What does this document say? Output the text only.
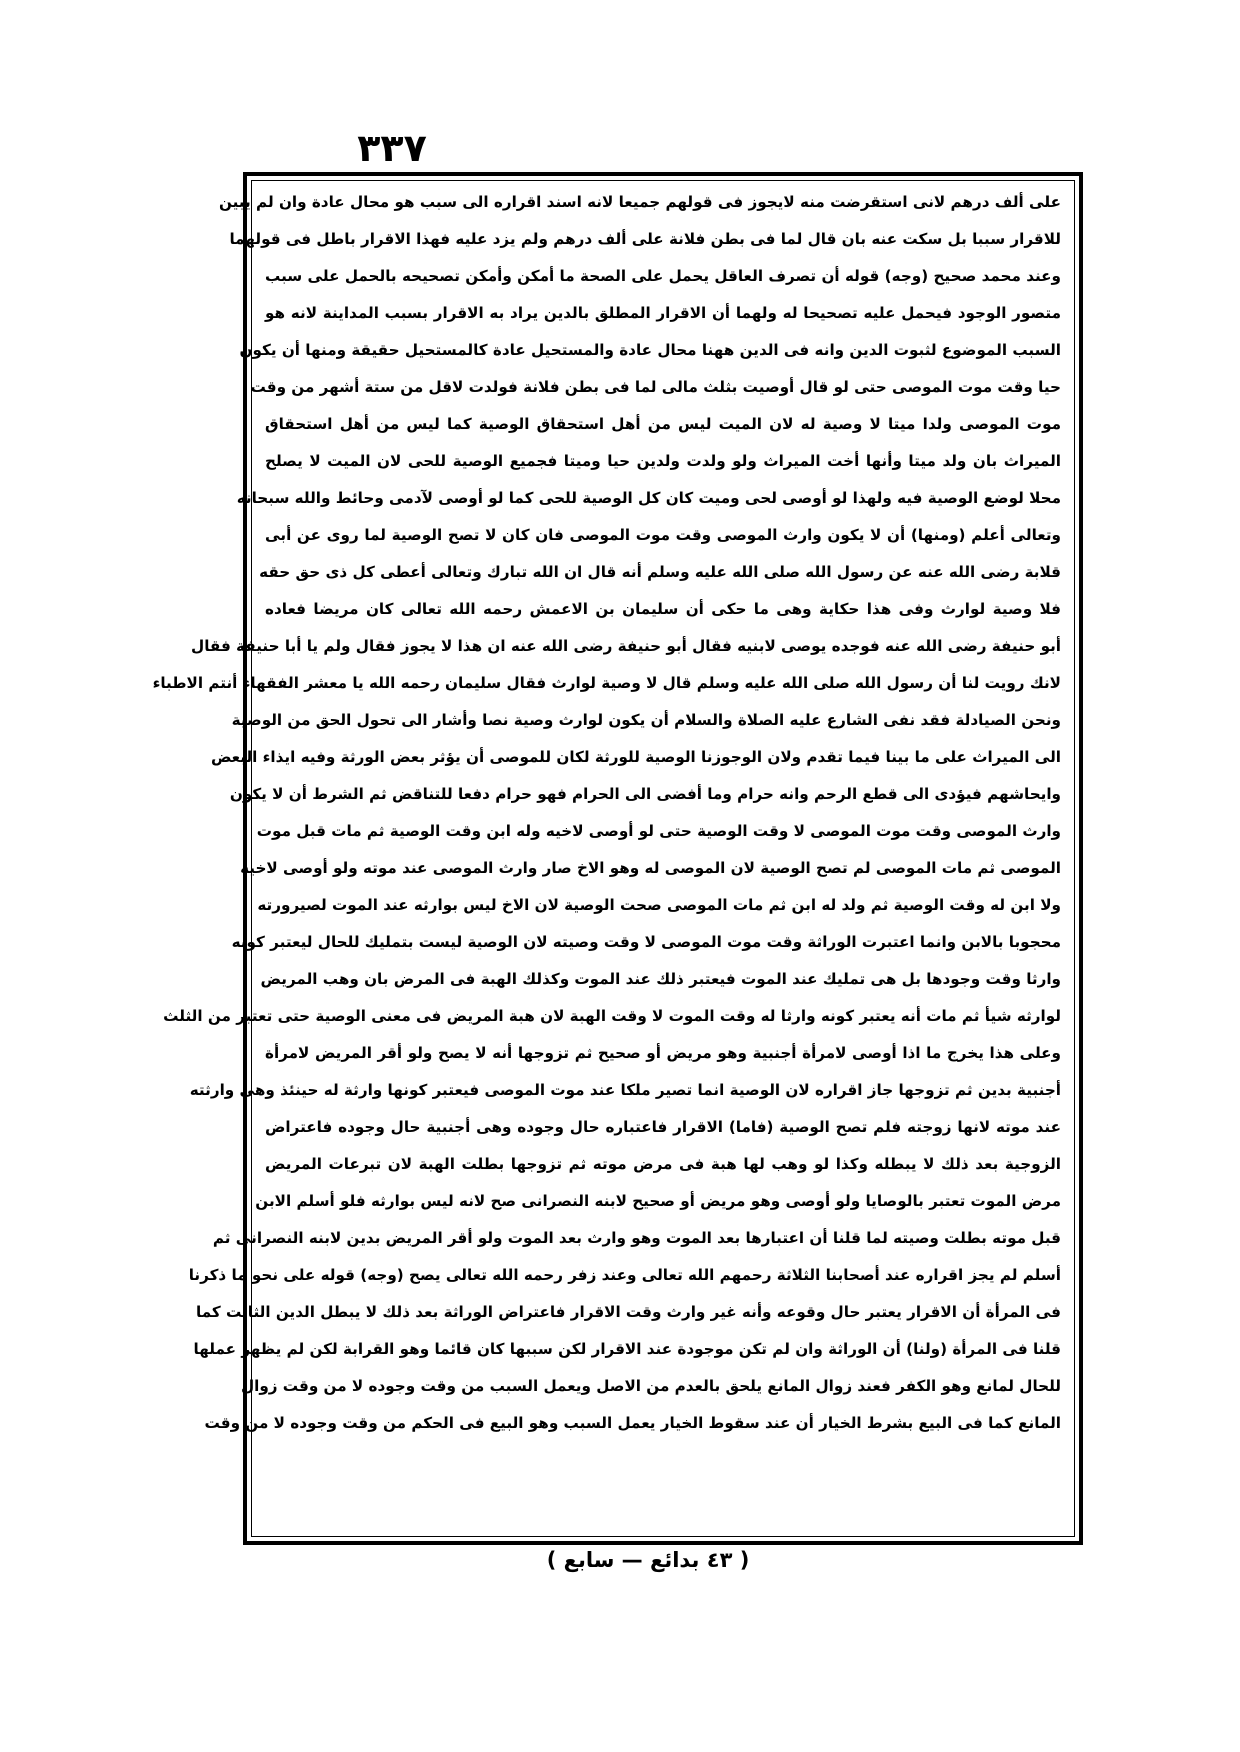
٣٣٧
على ألف درهم لانى استقرضت منه لايجوز فى قولهم جميعا لانه اسند اقراره الى سبب هو محال عادة وان لم يبين
للاقرار سببا بل سكت عنه بان قال لما فى بطن فلانة على ألف درهم ولم يزد عليه فهذا الاقرار باطل فى قولهما
وعند محمد صحيح (وجه) قوله أن تصرف العاقل يحمل على الصحة ما أمكن وأمكن تصحيحه بالحمل على سبب
متصور الوجود فيحمل عليه تصحيحا له ولهما أن الاقرار المطلق بالدين يراد به الاقرار بسبب المداينة لانه هو
السبب الموضوع لثبوت الدين وانه فى الدين ههنا محال عادة والمستحيل عادة كالمستحيل حقيقة ومنها أن يكون
حيا وقت موت الموصى حتى لو قال أوصيت بثلث مالى لما فى بطن فلانة فولدت لاقل من ستة أشهر من وقت
موت الموصى ولدا ميتا لا وصية له لان الميت ليس من أهل استحقاق الوصية كما ليس من أهل استحقاق
الميراث بان ولد ميتا وأنها أخت الميراث ولو ولدت ولدين حيا وميتا فجميع الوصية للحى لان الميت لا يصلح
محلا لوضع الوصية فيه ولهذا لو أوصى لحى وميت كان كل الوصية للحى كما لو أوصى لآدمى وحائط والله سبحانه
وتعالى أعلم (ومنها) أن لا يكون وارث الموصى وقت موت الموصى فان كان لا تصح الوصية لما روى عن أبى
قلابة رضى الله عنه عن رسول الله صلى الله عليه وسلم أنه قال ان الله تبارك وتعالى أعطى كل ذى حق حقه
فلا وصية لوارث وفى هذا حكاية وهى ما حكى أن سليمان بن الاعمش رحمه الله تعالى كان مريضا فعاده
أبو حنيفة رضى الله عنه فوجده يوصى لابنيه فقال أبو حنيفة رضى الله عنه ان هذا لا يجوز فقال ولم يا أبا حنيفة فقال
لانك رويت لنا أن رسول الله صلى الله عليه وسلم قال لا وصية لوارث فقال سليمان رحمه الله يا معشر الفقهاء أنتم الاطباء
ونحن الصيادلة فقد نفى الشارع عليه الصلاة والسلام أن يكون لوارث وصية نصا وأشار الى تحول الحق من الوصية
الى الميراث على ما بينا فيما تقدم ولان الوجوزنا الوصية للورثة لكان للموصى أن يؤثر بعض الورثة وفيه ايذاء البعض
وايحاشهم فيؤدى الى قطع الرحم وانه حرام وما أفضى الى الحرام فهو حرام دفعا للتناقض ثم الشرط أن لا يكون
وارث الموصى وقت موت الموصى لا وقت الوصية حتى لو أوصى لاخيه وله ابن وقت الوصية ثم مات قبل موت
الموصى ثم مات الموصى لم تصح الوصية لان الموصى له وهو الاخ صار وارث الموصى عند موته ولو أوصى لاخيه
ولا ابن له وقت الوصية ثم ولد له ابن ثم مات الموصى صحت الوصية لان الاخ ليس بوارثه عند الموت لصيرورته
محجوبا بالابن وانما اعتبرت الوراثة وقت موت الموصى لا وقت وصيته لان الوصية ليست بتمليك للحال ليعتبر كونه
وارثا وقت وجودها بل هى تمليك عند الموت فيعتبر ذلك عند الموت وكذلك الهبة فى المرض بان وهب المريض
لوارثه شيأ ثم مات أنه يعتبر كونه وارثا له وقت الموت لا وقت الهبة لان هبة المريض فى معنى الوصية حتى تعتبر من الثلث
وعلى هذا يخرج ما اذا أوصى لامرأة أجنبية وهو مريض أو صحيح ثم تزوجها أنه لا يصح ولو أقر المريض لامرأة
أجنبية بدين ثم تزوجها جاز اقراره لان الوصية انما تصير ملكا عند موت الموصى فيعتبر كونها وارثة له حينئذ وهى وارثته
عند موته لانها زوجته فلم تصح الوصية (فاما) الاقرار فاعتباره حال وجوده وهى أجنبية حال وجوده فاعتراض
الزوجية بعد ذلك لا يبطله وكذا لو وهب لها هبة فى مرض موته ثم تزوجها بطلت الهبة لان تبرعات المريض
مرض الموت تعتبر بالوصايا ولو أوصى وهو مريض أو صحيح لابنه النصرانى صح لانه ليس بوارثه فلو أسلم الابن
قبل موته بطلت وصيته لما قلنا أن اعتبارها بعد الموت وهو وارث بعد الموت ولو أقر المريض بدين لابنه النصرانى ثم
أسلم لم يجز اقراره عند أصحابنا الثلاثة رحمهم الله تعالى وعند زفر رحمه الله تعالى يصح (وجه) قوله على نحو ما ذكرنا
فى المرأة أن الاقرار يعتبر حال وقوعه وأنه غير وارث وقت الاقرار فاعتراض الوراثة بعد ذلك لا يبطل الدين الثابت كما
قلنا فى المرأة (ولنا) أن الوراثة وان لم تكن موجودة عند الاقرار لكن سببها كان قائما وهو القرابة لكن لم يظهر عملها
للحال لمانع وهو الكفر فعند زوال المانع يلحق بالعدم من الاصل ويعمل السبب من وقت وجوده لا من وقت زوال
المانع كما فى البيع بشرط الخيار أن عند سقوط الخيار يعمل السبب وهو البيع فى الحكم من وقت وجوده لا من وقت
( ٤٣ بدائع — سابع )
